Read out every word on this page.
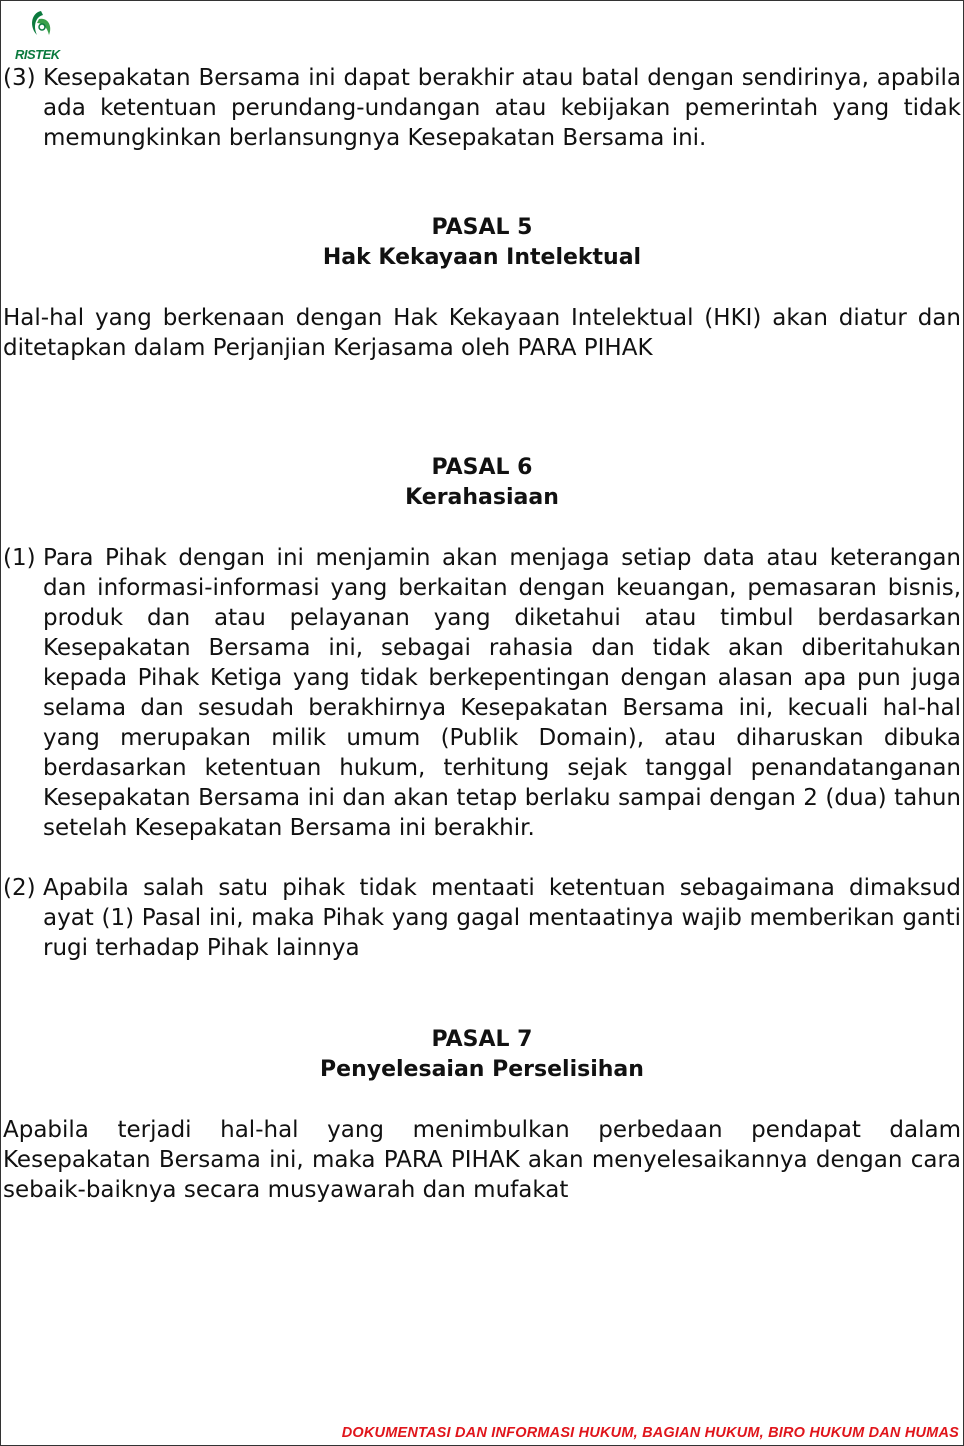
RISTEK
(3) Kesepakatan Bersama ini dapat berakhir atau batal dengan sendirinya, apabila ada ketentuan perundang-undangan atau kebijakan pemerintah yang tidak memungkinkan berlansungnya Kesepakatan Bersama ini.
PASAL 5
Hak Kekayaan Intelektual
Hal-hal yang berkenaan dengan Hak Kekayaan Intelektual (HKI) akan diatur dan ditetapkan dalam Perjanjian Kerjasama oleh PARA PIHAK
PASAL 6
Kerahasiaan
(1) Para Pihak dengan ini menjamin akan menjaga setiap data atau keterangan dan informasi-informasi yang berkaitan dengan keuangan, pemasaran bisnis, produk dan atau pelayanan yang diketahui atau timbul berdasarkan Kesepakatan Bersama ini, sebagai rahasia dan tidak akan diberitahukan kepada Pihak Ketiga yang tidak berkepentingan dengan alasan apa pun juga selama dan sesudah berakhirnya Kesepakatan Bersama ini, kecuali hal-hal yang merupakan milik umum (Publik Domain), atau diharuskan dibuka berdasarkan ketentuan hukum, terhitung sejak tanggal penandatanganan Kesepakatan Bersama ini dan akan tetap berlaku sampai dengan 2 (dua) tahun setelah Kesepakatan Bersama ini berakhir.
(2) Apabila salah satu pihak tidak mentaati ketentuan sebagaimana dimaksud ayat (1) Pasal ini, maka Pihak yang gagal mentaatinya wajib memberikan ganti rugi terhadap Pihak lainnya
PASAL 7
Penyelesaian Perselisihan
Apabila terjadi hal-hal yang menimbulkan perbedaan pendapat dalam Kesepakatan Bersama ini, maka PARA PIHAK akan menyelesaikannya dengan cara sebaik-baiknya secara musyawarah dan mufakat
DOKUMENTASI DAN INFORMASI HUKUM, BAGIAN HUKUM, BIRO HUKUM DAN HUMAS
